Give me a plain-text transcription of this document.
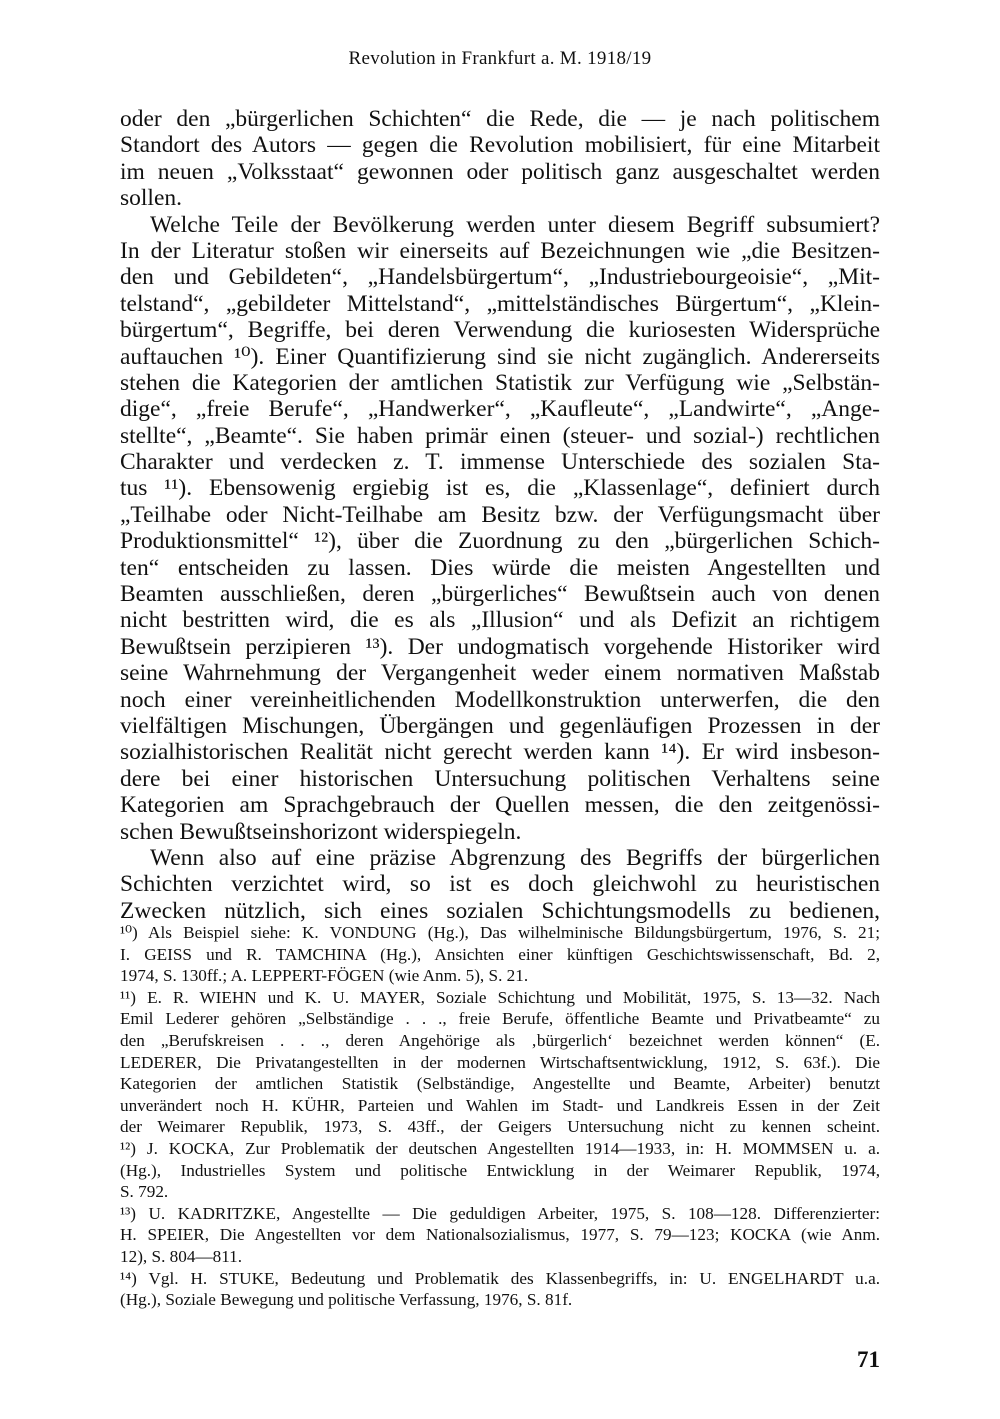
Revolution in Frankfurt a. M. 1918/19
oder den „bürgerlichen Schichten“ die Rede, die — je nach politischem
Standort des Autors — gegen die Revolution mobilisiert, für eine Mitarbeit
im neuen „Volksstaat“ gewonnen oder politisch ganz ausgeschaltet werden
sollen.
Welche Teile der Bevölkerung werden unter diesem Begriff subsumiert?
In der Literatur stoßen wir einerseits auf Bezeichnungen wie „die Besitzen-
den und Gebildeten“, „Handelsbürgertum“, „Industriebourgeoisie“, „Mit-
telstand“, „gebildeter Mittelstand“, „mittelständisches Bürgertum“, „Klein-
bürgertum“, Begriffe, bei deren Verwendung die kuriosesten Widersprüche
auftauchen ¹⁰). Einer Quantifizierung sind sie nicht zugänglich. Andererseits
stehen die Kategorien der amtlichen Statistik zur Verfügung wie „Selbstän-
dige“, „freie Berufe“, „Handwerker“, „Kaufleute“, „Landwirte“, „Ange-
stellte“, „Beamte“. Sie haben primär einen (steuer- und sozial-) rechtlichen
Charakter und verdecken z. T. immense Unterschiede des sozialen Sta-
tus ¹¹). Ebensowenig ergiebig ist es, die „Klassenlage“, definiert durch
„Teilhabe oder Nicht-Teilhabe am Besitz bzw. der Verfügungsmacht über
Produktionsmittel“ ¹²), über die Zuordnung zu den „bürgerlichen Schich-
ten“ entscheiden zu lassen. Dies würde die meisten Angestellten und
Beamten ausschließen, deren „bürgerliches“ Bewußtsein auch von denen
nicht bestritten wird, die es als „Illusion“ und als Defizit an richtigem
Bewußtsein perzipieren ¹³). Der undogmatisch vorgehende Historiker wird
seine Wahrnehmung der Vergangenheit weder einem normativen Maßstab
noch einer vereinheitlichenden Modellkonstruktion unterwerfen, die den
vielfältigen Mischungen, Übergängen und gegenläufigen Prozessen in der
sozialhistorischen Realität nicht gerecht werden kann ¹⁴). Er wird insbeson-
dere bei einer historischen Untersuchung politischen Verhaltens seine
Kategorien am Sprachgebrauch der Quellen messen, die den zeitgenössi-
schen Bewußtseinshorizont widerspiegeln.
Wenn also auf eine präzise Abgrenzung des Begriffs der bürgerlichen
Schichten verzichtet wird, so ist es doch gleichwohl zu heuristischen
Zwecken nützlich, sich eines sozialen Schichtungsmodells zu bedienen,
¹⁰) Als Beispiel siehe: K. VONDUNG (Hg.), Das wilhelminische Bildungsbürgertum, 1976, S. 21;
I. GEISS und R. TAMCHINA (Hg.), Ansichten einer künftigen Geschichtswissenschaft, Bd. 2,
1974, S. 130ff.; A. LEPPERT-FÖGEN (wie Anm. 5), S. 21.
¹¹) E. R. WIEHN und K. U. MAYER, Soziale Schichtung und Mobilität, 1975, S. 13—32. Nach
Emil Lederer gehören „Selbständige . . ., freie Berufe, öffentliche Beamte und Privatbeamte“ zu
den „Berufskreisen . . ., deren Angehörige als ‚bürgerlich‘ bezeichnet werden können“ (E.
LEDERER, Die Privatangestellten in der modernen Wirtschaftsentwicklung, 1912, S. 63f.). Die
Kategorien der amtlichen Statistik (Selbständige, Angestellte und Beamte, Arbeiter) benutzt
unverändert noch H. KÜHR, Parteien und Wahlen im Stadt- und Landkreis Essen in der Zeit
der Weimarer Republik, 1973, S. 43ff., der Geigers Untersuchung nicht zu kennen scheint.
¹²) J. KOCKA, Zur Problematik der deutschen Angestellten 1914—1933, in: H. MOMMSEN u. a.
(Hg.), Industrielles System und politische Entwicklung in der Weimarer Republik, 1974,
S. 792.
¹³) U. KADRITZKE, Angestellte — Die geduldigen Arbeiter, 1975, S. 108—128. Differenzierter:
H. SPEIER, Die Angestellten vor dem Nationalsozialismus, 1977, S. 79—123; KOCKA (wie Anm.
12), S. 804—811.
¹⁴) Vgl. H. STUKE, Bedeutung und Problematik des Klassenbegriffs, in: U. ENGELHARDT u.a.
(Hg.), Soziale Bewegung und politische Verfassung, 1976, S. 81f.
71
